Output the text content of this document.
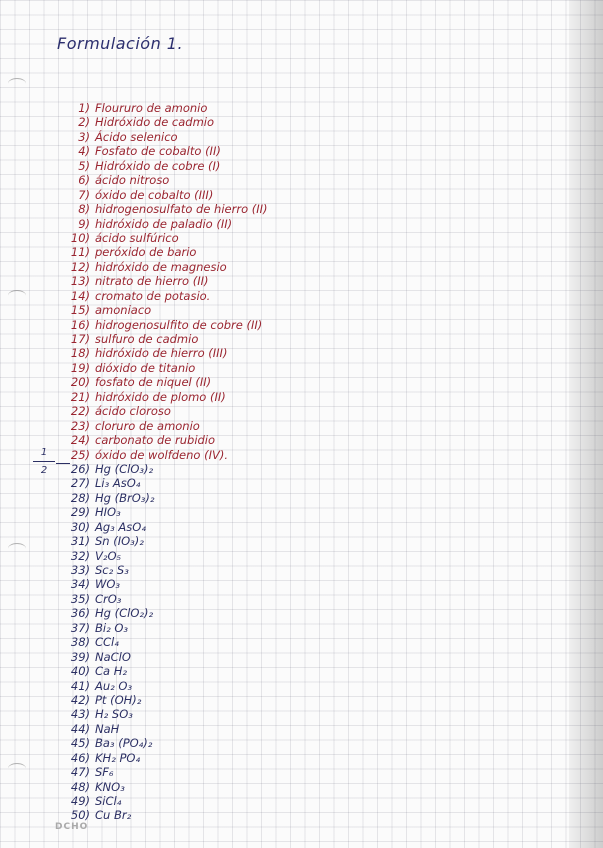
Formulación 1.
1) Floururo de amonio
2) Hidróxido de cadmio
3) Ácido selenico
4) Fosfato de cobalto (II)
5) Hidróxido de cobre (I)
6) ácido nitroso
7) óxido de cobalto (III)
8) hidrogenosulfato de hierro (II)
9) hidróxido de paladio (II)
10) ácido sulfúrico
11) peróxido de bario
12) hidróxido de magnesio
13) nitrato de hierro (II)
14) cromato de potasio.
15) amoniaco
16) hidrogenosulfito de cobre (II)
17) sulfuro de cadmio
18) hidróxido de hierro (III)
19) dióxido de titanio
20) fosfato de niquel (II)
21) hidróxido de plomo (II)
22) ácido cloroso
23) cloruro de amonio
24) carbonato de rubidio
25) óxido de wolfdeno (IV).
26) Hg (ClO₃)₂
27) Li₃ AsO₄
28) Hg (BrO₃)₂
29) HIO₃
30) Ag₃ AsO₄
31) Sn (IO₃)₂
32) V₂O₅
33) Sc₂ S₃
34) WO₃
35) CrO₃
36) Hg (ClO₂)₂
37) Bi₂ O₃
38) CCl₄
39) NaClO
40) Ca H₂
41) Au₂ O₃
42) Pt (OH)₂
43) H₂ SO₃
44) NaH
45) Ba₃ (PO₄)₂
46) KH₂ PO₄
47) SF₆
48) KNO₃
49) SiCl₄
50) Cu Br₂
1
2
DCHO
